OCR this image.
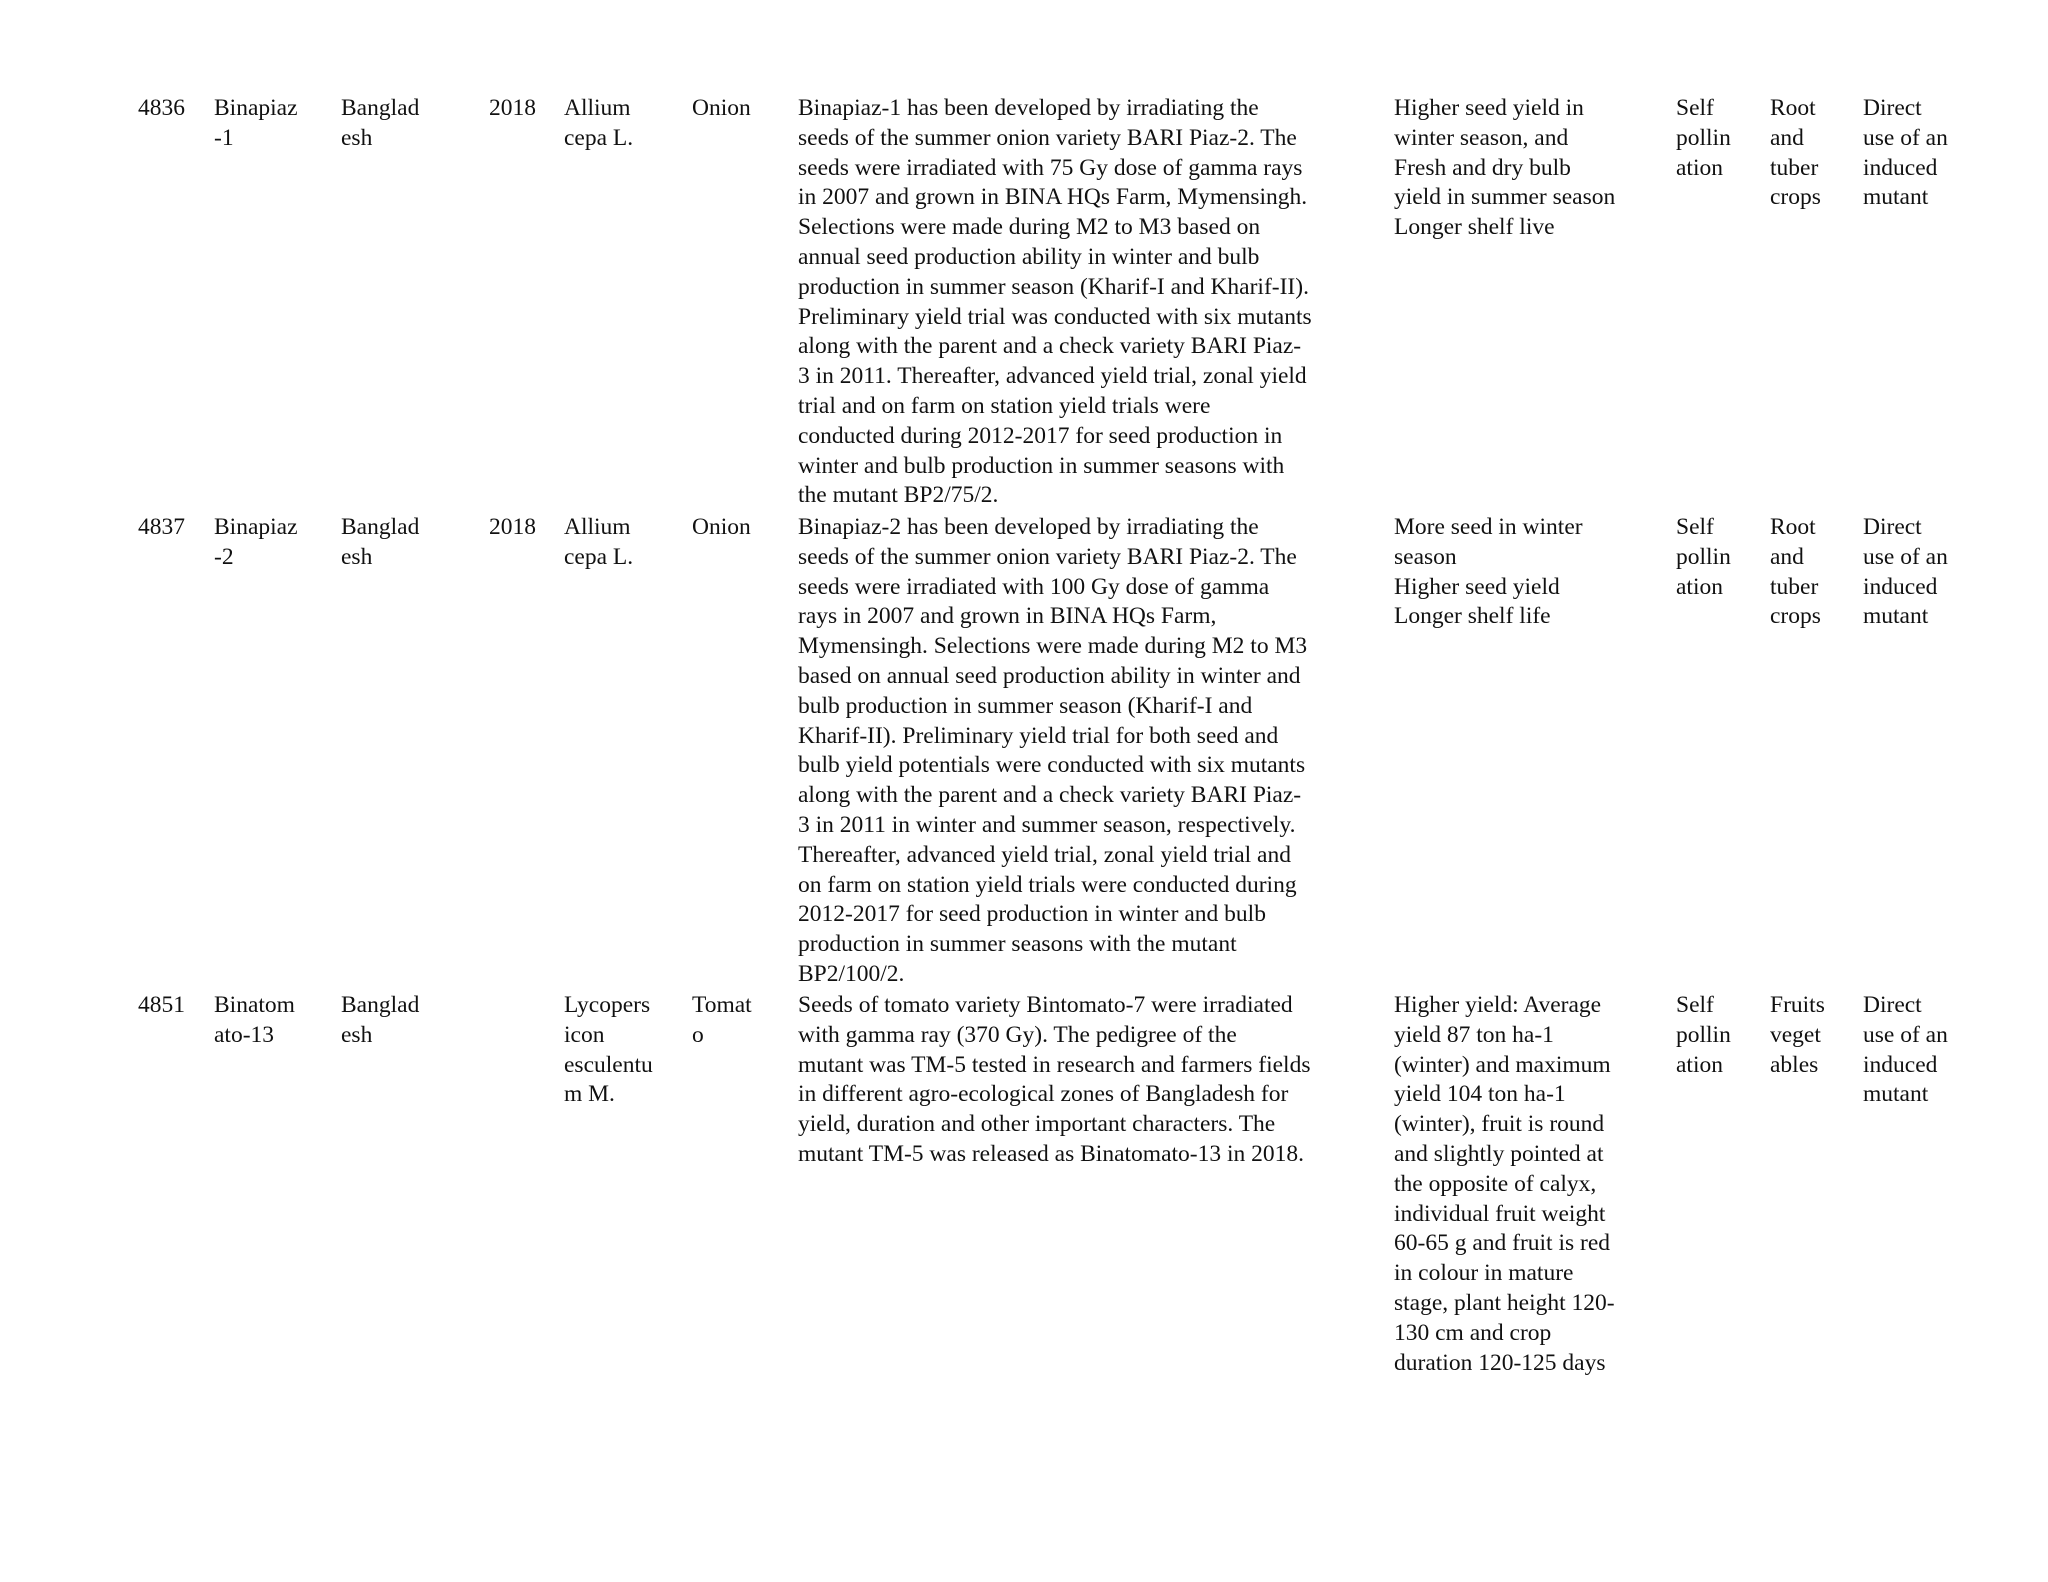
4836 Binapiaz
-1
Banglad
esh
2018 Allium
cepa L.
Onion Binapiaz-1 has been developed by irradiating the
seeds of the summer onion variety BARI Piaz-2. The
seeds were irradiated with 75 Gy dose of gamma rays
in 2007 and grown in BINA HQs Farm, Mymensingh.
Selections were made during M2 to M3 based on
annual seed production ability in winter and bulb
production in summer season (Kharif-I and Kharif-II).
Preliminary yield trial was conducted with six mutants
along with the parent and a check variety BARI Piaz-
3 in 2011. Thereafter, advanced yield trial, zonal yield
trial and on farm on station yield trials were
conducted during 2012-2017 for seed production in
winter and bulb production in summer seasons with
the mutant BP2/75/2.
Higher seed yield in
winter season, and
Fresh and dry bulb
yield in summer season
Longer shelf live
Self
pollin
ation
Root
and
tuber
crops
Direct
use of an
induced
mutant
4837 Binapiaz
-2
Banglad
esh
2018 Allium
cepa L.
Onion Binapiaz-2 has been developed by irradiating the
seeds of the summer onion variety BARI Piaz-2. The
seeds were irradiated with 100 Gy dose of gamma
rays in 2007 and grown in BINA HQs Farm,
Mymensingh. Selections were made during M2 to M3
based on annual seed production ability in winter and
bulb production in summer season (Kharif-I and
Kharif-II). Preliminary yield trial for both seed and
bulb yield potentials were conducted with six mutants
along with the parent and a check variety BARI Piaz-
3 in 2011 in winter and summer season, respectively.
Thereafter, advanced yield trial, zonal yield trial and
on farm on station yield trials were conducted during
2012-2017 for seed production in winter and bulb
production in summer seasons with the mutant
BP2/100/2.
More seed in winter
season
Higher seed yield
Longer shelf life
Self
pollin
ation
Root
and
tuber
crops
Direct
use of an
induced
mutant
4851 Binatom
ato-13
Banglad
esh
Lycopers
icon
esculentu
m M.
Tomat
o
Seeds of tomato variety Bintomato-7 were irradiated
with gamma ray (370 Gy). The pedigree of the
mutant was TM-5 tested in research and farmers fields
in different agro-ecological zones of Bangladesh for
yield, duration and other important characters. The
mutant TM-5 was released as Binatomato-13 in 2018.
Higher yield: Average
yield 87 ton ha-1
(winter) and maximum
yield 104 ton ha-1
(winter), fruit is round
and slightly pointed at
the opposite of calyx,
individual fruit weight
60-65 g and fruit is red
in colour in mature
stage, plant height 120-
130 cm and crop
duration 120-125 days
Self
pollin
ation
Fruits
veget
ables
Direct
use of an
induced
mutant
